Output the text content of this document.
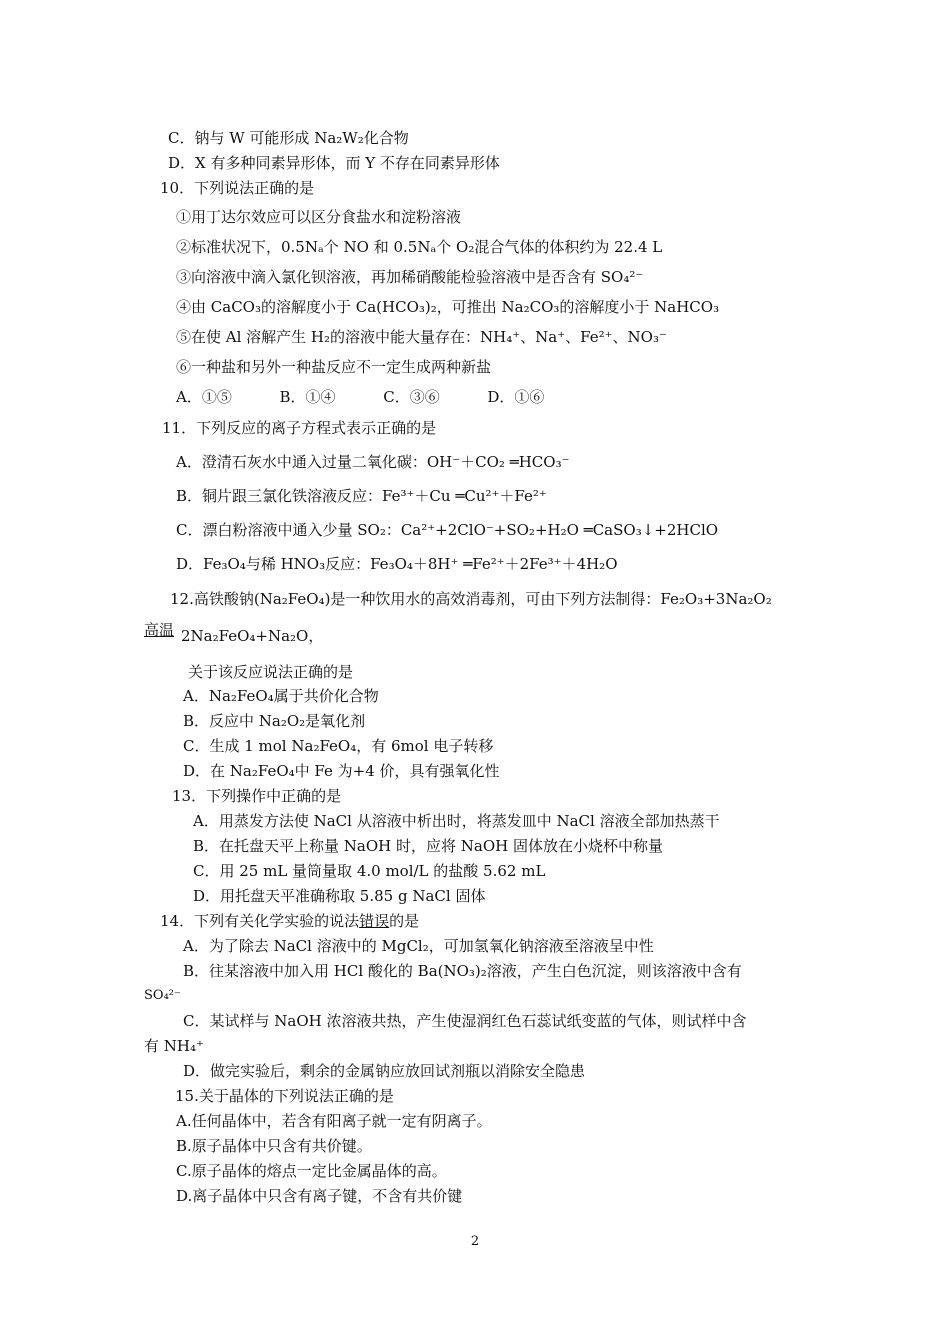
C．钠与 W 可能形成 Na₂W₂化合物
D．X 有多种同素异形体，而 Y 不存在同素异形体
10．下列说法正确的是
①用丁达尔效应可以区分食盐水和淀粉溶液
②标准状况下，0.5Nₐ个 NO 和 0.5Nₐ个 O₂混合气体的体积约为 22.4 L
③向溶液中滴入氯化钡溶液，再加稀硝酸能检验溶液中是否含有 SO₄²⁻
④由 CaCO₃的溶解度小于 Ca(HCO₃)₂，可推出 Na₂CO₃的溶解度小于 NaHCO₃
⑤在使 Al 溶解产生 H₂的溶液中能大量存在：NH₄⁺、Na⁺、Fe²⁺、NO₃⁻
⑥一种盐和另外一种盐反应不一定生成两种新盐
A．①⑤          B．①④          C．③⑥          D．①⑥
11．下列反应的离子方程式表示正确的是
A．澄清石灰水中通入过量二氧化碳：OH⁻＋CO₂ ═HCO₃⁻
B．铜片跟三氯化铁溶液反应：Fe³⁺＋Cu ═Cu²⁺＋Fe²⁺
C．漂白粉溶液中通入少量 SO₂：Ca²⁺+2ClO⁻+SO₂+H₂O ═CaSO₃↓+2HClO
D．Fe₃O₄与稀 HNO₃反应：Fe₃O₄＋8H⁺ ═Fe²⁺＋2Fe³⁺＋4H₂O
12.高铁酸钠(Na₂FeO₄)是一种饮用水的高效消毒剂，可由下列方法制得：Fe₂O₃+3Na₂O₂
高温 2Na₂FeO₄+Na₂O，
关于该反应说法正确的是
A．Na₂FeO₄属于共价化合物
B．反应中 Na₂O₂是氧化剂
C．生成 1 mol Na₂FeO₄，有 6mol 电子转移
D．在 Na₂FeO₄中 Fe 为+4 价，具有强氧化性
13．下列操作中正确的是
A．用蒸发方法使 NaCl 从溶液中析出时，将蒸发皿中 NaCl 溶液全部加热蒸干
B．在托盘天平上称量 NaOH 时，应将 NaOH 固体放在小烧杯中称量
C．用 25 mL 量筒量取 4.0 mol/L 的盐酸 5.62 mL
D．用托盘天平准确称取 5.85 g NaCl 固体
14．下列有关化学实验的说法错误的是
A．为了除去 NaCl 溶液中的 MgCl₂，可加氢氧化钠溶液至溶液呈中性
B．往某溶液中加入用 HCl 酸化的 Ba(NO₃)₂溶液，产生白色沉淀，则该溶液中含有
SO₄²⁻
C．某试样与 NaOH 浓溶液共热，产生使湿润红色石蕊试纸变蓝的气体，则试样中含
有 NH₄⁺
D．做完实验后，剩余的金属钠应放回试剂瓶以消除安全隐患
15.关于晶体的下列说法正确的是
A.任何晶体中，若含有阳离子就一定有阴离子。
B.原子晶体中只含有共价键。
C.原子晶体的熔点一定比金属晶体的高。
D.离子晶体中只含有离子键，不含有共价键
2
